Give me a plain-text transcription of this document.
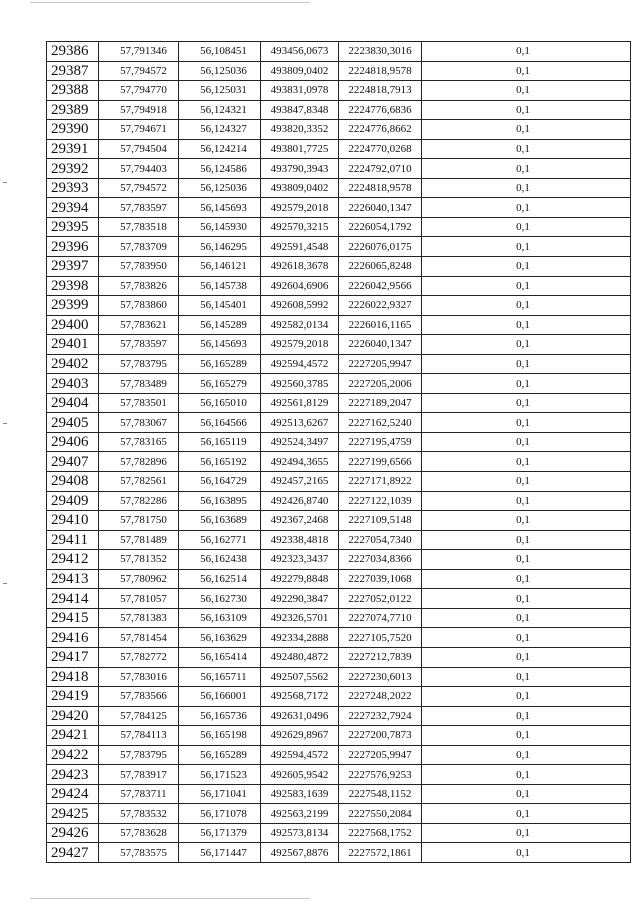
29386	57,791346	56,108451	493456,0673	2223830,3016	0,1
29387	57,794572	56,125036	493809,0402	2224818,9578	0,1
29388	57,794770	56,125031	493831,0978	2224818,7913	0,1
29389	57,794918	56,124321	493847,8348	2224776,6836	0,1
29390	57,794671	56,124327	493820,3352	2224776,8662	0,1
29391	57,794504	56,124214	493801,7725	2224770,0268	0,1
29392	57,794403	56,124586	493790,3943	2224792,0710	0,1
29393	57,794572	56,125036	493809,0402	2224818,9578	0,1
29394	57,783597	56,145693	492579,2018	2226040,1347	0,1
29395	57,783518	56,145930	492570,3215	2226054,1792	0,1
29396	57,783709	56,146295	492591,4548	2226076,0175	0,1
29397	57,783950	56,146121	492618,3678	2226065,8248	0,1
29398	57,783826	56,145738	492604,6906	2226042,9566	0,1
29399	57,783860	56,145401	492608,5992	2226022,9327	0,1
29400	57,783621	56,145289	492582,0134	2226016,1165	0,1
29401	57,783597	56,145693	492579,2018	2226040,1347	0,1
29402	57,783795	56,165289	492594,4572	2227205,9947	0,1
29403	57,783489	56,165279	492560,3785	2227205,2006	0,1
29404	57,783501	56,165010	492561,8129	2227189,2047	0,1
29405	57,783067	56,164566	492513,6267	2227162,5240	0,1
29406	57,783165	56,165119	492524,3497	2227195,4759	0,1
29407	57,782896	56,165192	492494,3655	2227199,6566	0,1
29408	57,782561	56,164729	492457,2165	2227171,8922	0,1
29409	57,782286	56,163895	492426,8740	2227122,1039	0,1
29410	57,781750	56,163689	492367,2468	2227109,5148	0,1
29411	57,781489	56,162771	492338,4818	2227054,7340	0,1
29412	57,781352	56,162438	492323,3437	2227034,8366	0,1
29413	57,780962	56,162514	492279,8848	2227039,1068	0,1
29414	57,781057	56,162730	492290,3847	2227052,0122	0,1
29415	57,781383	56,163109	492326,5701	2227074,7710	0,1
29416	57,781454	56,163629	492334,2888	2227105,7520	0,1
29417	57,782772	56,165414	492480,4872	2227212,7839	0,1
29418	57,783016	56,165711	492507,5562	2227230,6013	0,1
29419	57,783566	56,166001	492568,7172	2227248,2022	0,1
29420	57,784125	56,165736	492631,0496	2227232,7924	0,1
29421	57,784113	56,165198	492629,8967	2227200,7873	0,1
29422	57,783795	56,165289	492594,4572	2227205,9947	0,1
29423	57,783917	56,171523	492605,9542	2227576,9253	0,1
29424	57,783711	56,171041	492583,1639	2227548,1152	0,1
29425	57,783532	56,171078	492563,2199	2227550,2084	0,1
29426	57,783628	56,171379	492573,8134	2227568,1752	0,1
29427	57,783575	56,171447	492567,8876	2227572,1861	0,1
